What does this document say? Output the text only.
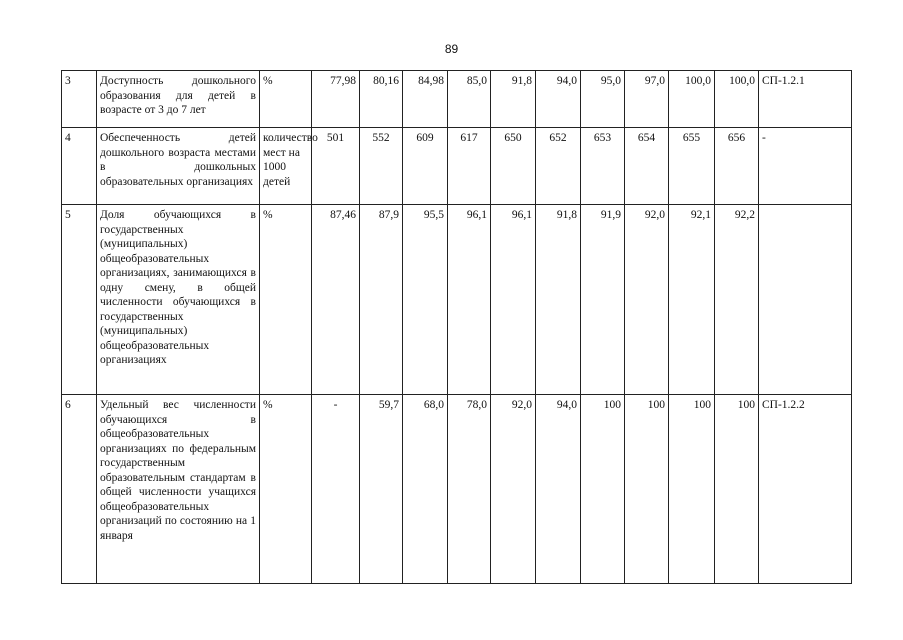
89
3	Доступность дошкольного образования для детей в возрасте от 3 до 7 лет	%	77,98	80,16	84,98	85,0	91,8	94,0	95,0	97,0	100,0	100,0	СП-1.2.1
4	Обеспеченность детей дошкольного возраста местами в дошкольных образовательных организациях	количество мест на 1000 детей	501	552	609	617	650	652	653	654	655	656	-
5	Доля обучающихся в государственных (муниципальных) общеобразовательных организациях, занимающихся в одну смену, в общей численности обучающихся в государственных (муниципальных) общеобразовательных организациях	%	87,46	87,9	95,5	96,1	96,1	91,8	91,9	92,0	92,1	92,2	
6	Удельный вес численности обучающихся в общеобразовательных организациях по федеральным государственным образовательным стандартам в общей численности учащихся общеобразовательных организаций по состоянию на 1 января	%	-	59,7	68,0	78,0	92,0	94,0	100	100	100	100	СП-1.2.2
